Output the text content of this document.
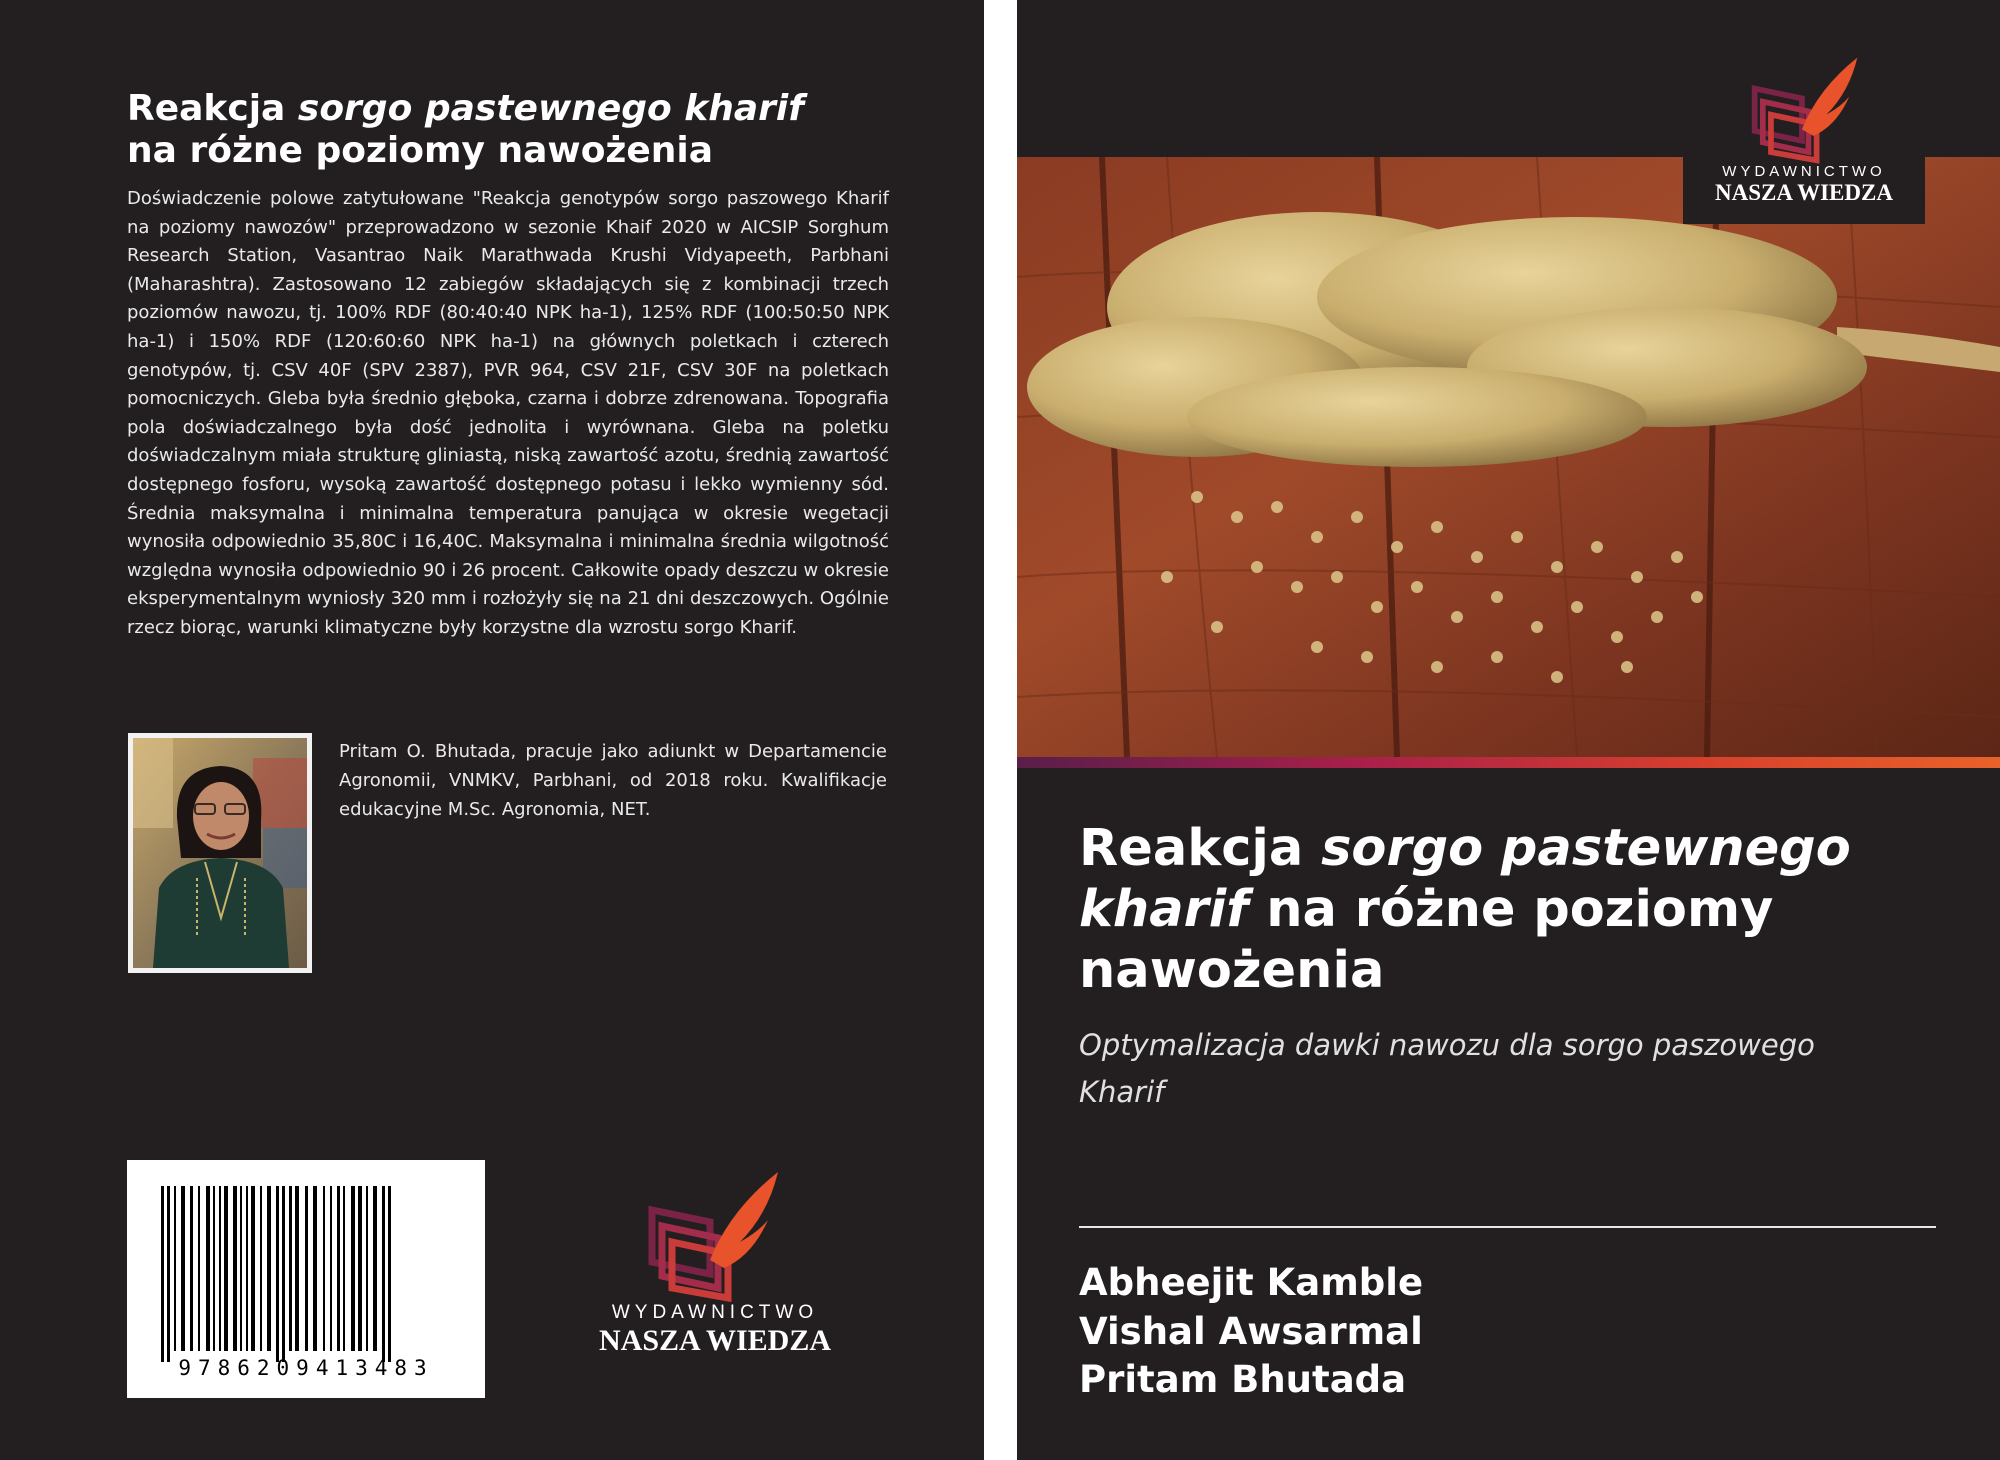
Reakcja sorgo pastewnego kharif
na różne poziomy nawożenia

Doświadczenie polowe zatytułowane "Reakcja genotypów sorgo paszowego Kharif na poziomy nawozów" przeprowadzono w sezonie Khaif 2020 w AICSIP Sorghum Research Station, Vasantrao Naik Marathwada Krushi Vidyapeeth, Parbhani (Maharashtra). Zastosowano 12 zabiegów składających się z kombinacji trzech poziomów nawozu, tj. 100% RDF (80:40:40 NPK ha-1), 125% RDF (100:50:50 NPK ha-1) i 150% RDF (120:60:60 NPK ha-1) na głównych poletkach i czterech genotypów, tj. CSV 40F (SPV 2387), PVR 964, CSV 21F, CSV 30F na poletkach pomocniczych. Gleba była średnio głęboka, czarna i dobrze zdrenowana. Topografia pola doświadczalnego była dość jednolita i wyrównana. Gleba na poletku doświadczalnym miała strukturę gliniastą, niską zawartość azotu, średnią zawartość dostępnego fosforu, wysoką zawartość dostępnego potasu i lekko wymienny sód. Średnia maksymalna i minimalna temperatura panująca w okresie wegetacji wynosiła odpowiednio 35,80C i 16,40C. Maksymalna i minimalna średnia wilgotność względna wynosiła odpowiednio 90 i 26 procent. Całkowite opady deszczu w okresie eksperymentalnym wyniosły 320 mm i rozłożyły się na 21 dni deszczowych. Ogólnie rzecz biorąc, warunki klimatyczne były korzystne dla wzrostu sorgo Kharif.

Pritam O. Bhutada, pracuje jako adiunkt w Departamencie Agronomii, VNMKV, Parbhani, od 2018 roku. Kwalifikacje edukacyjne M.Sc. Agronomia, NET.

9786209413483
WYDAWNICTWO
NASZA WIEDZA
WYDAWNICTWO
NASZA WIEDZA
Reakcja sorgo pastewnego kharif na różne poziomy nawożenia

Optymalizacja dawki nawozu dla sorgo paszowego Kharif

Abheejit Kamble
Vishal Awsarmal
Pritam Bhutada
